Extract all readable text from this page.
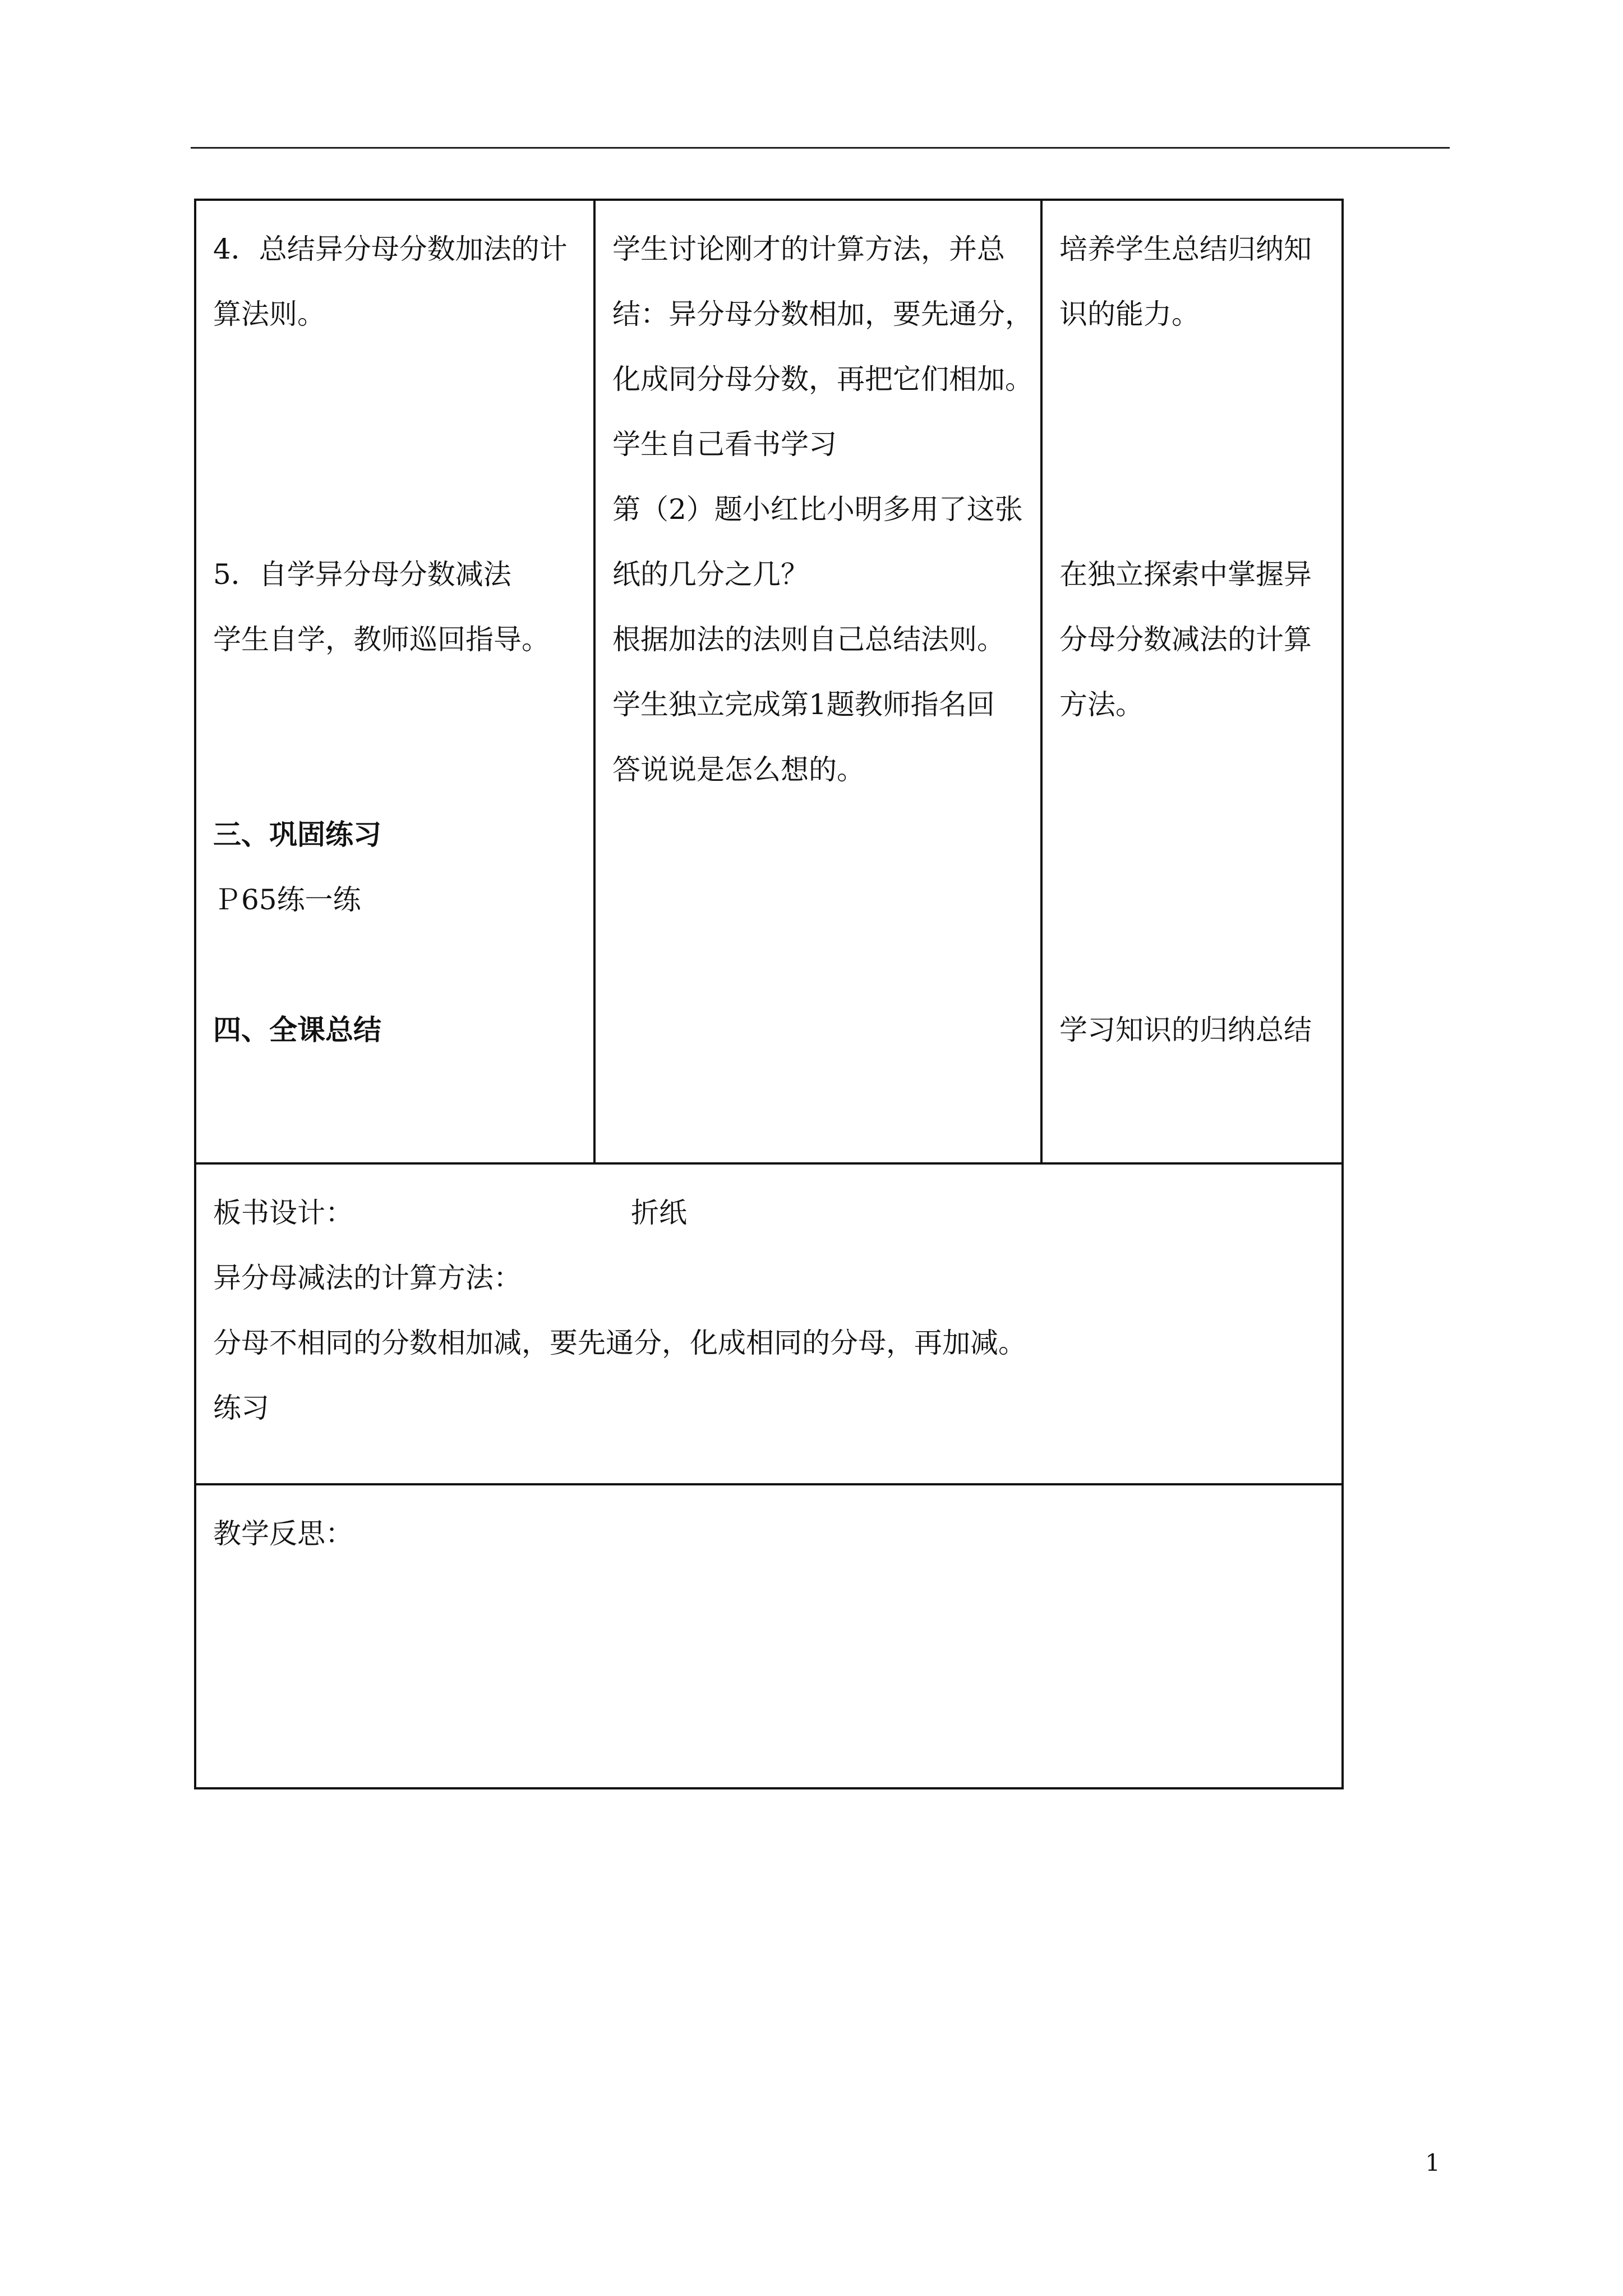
4．总结异分母分数加法的计
算法则。
5．自学异分母分数减法
学生自学，教师巡回指导。
三、巩固练习
Ｐ65练一练
四、全课总结

学生讨论刚才的计算方法，并总
结：异分母分数相加，要先通分，
化成同分母分数，再把它们相加。
学生自己看书学习
第（2）题小红比小明多用了这张
纸的几分之几？
根据加法的法则自己总结法则。
学生独立完成第1题教师指名回
答说说是怎么想的。

培养学生总结归纳知
识的能力。
在独立探索中掌握异
分母分数减法的计算
方法。
学习知识的归纳总结

板书设计：	折纸
异分母减法的计算方法：
分母不相同的分数相加减，要先通分，化成相同的分母，再加减。
练习

教学反思：
1
